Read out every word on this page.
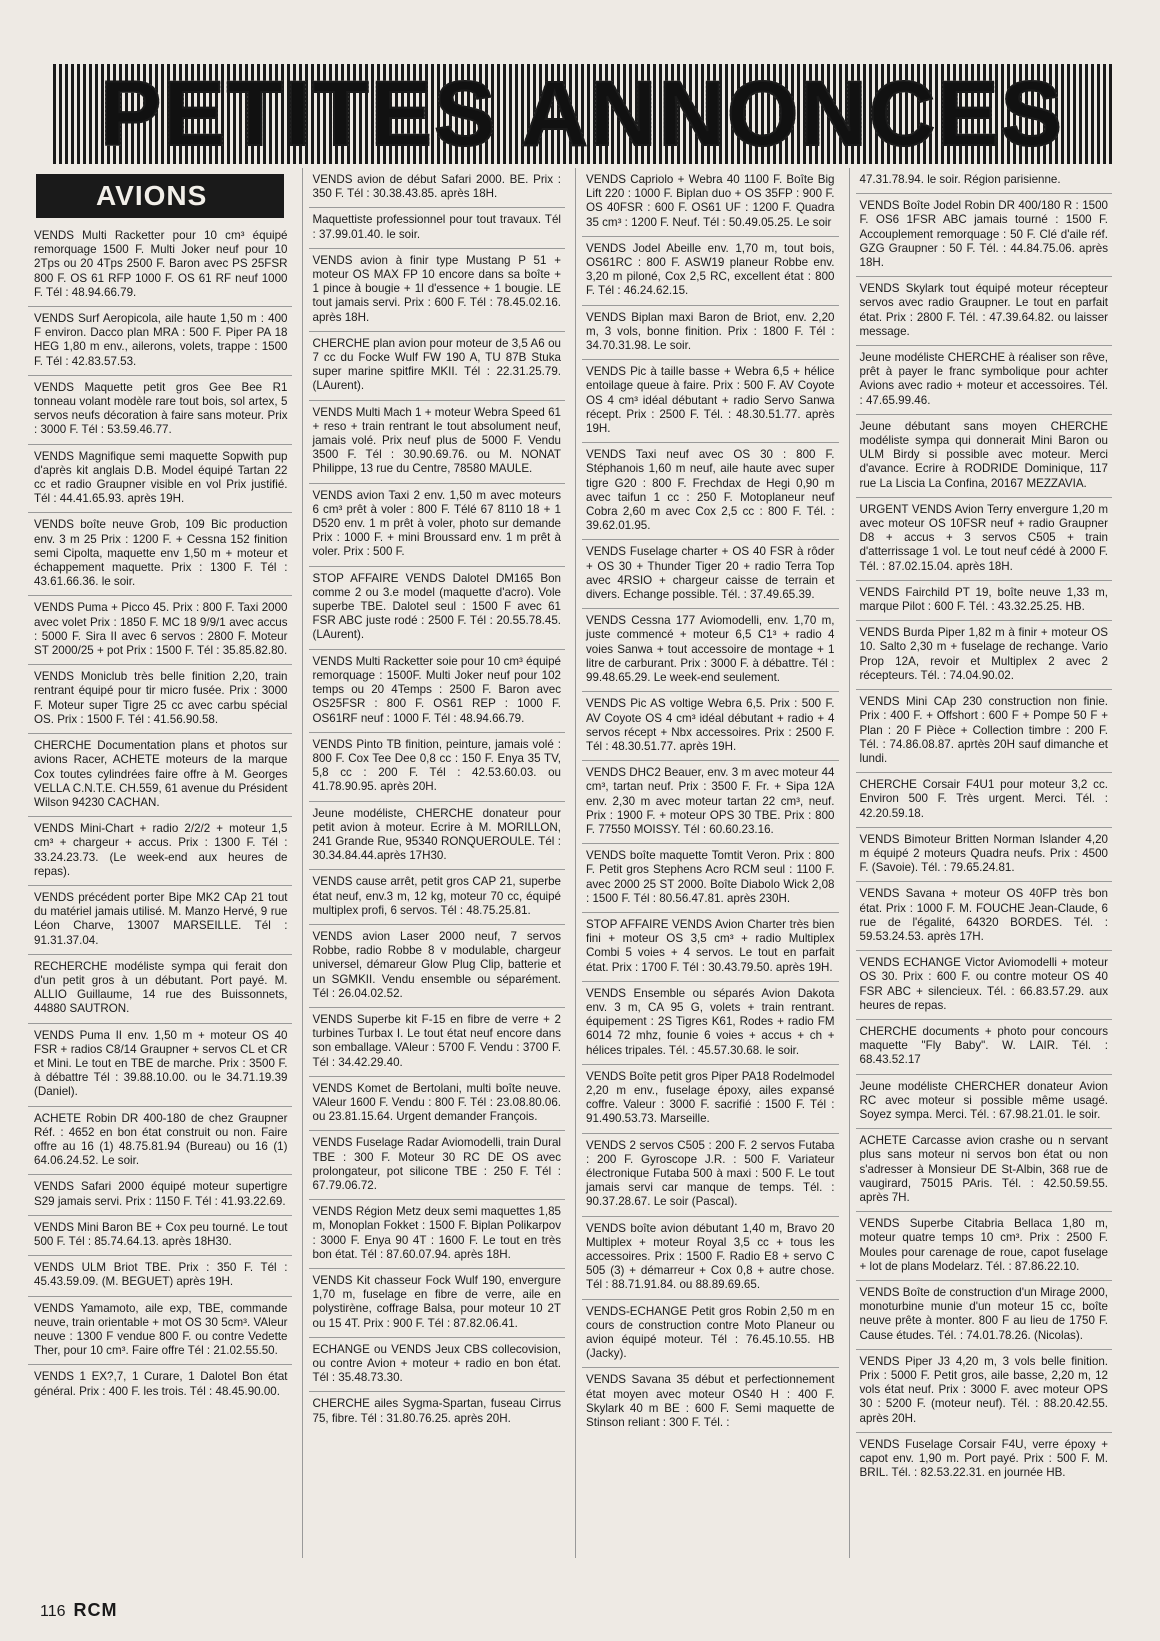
PETITES ANNONCES
AVIONS

VENDS Multi Racketter pour 10 cm³ équipé remorquage 1500 F. Multi Joker neuf pour 10 2Tps ou 20 4Tps 2500 F. Baron avec PS 25FSR 800 F. OS 61 RFP 1000 F. OS 61 RF neuf 1000 F. Tél : 48.94.66.79.

VENDS Surf Aeropicola, aile haute 1,50 m : 400 F environ. Dacco plan MRA : 500 F. Piper PA 18 HEG 1,80 m env., ailerons, volets, trappe : 1500 F. Tél : 42.83.57.53.

VENDS Maquette petit gros Gee Bee R1 tonneau volant modèle rare tout bois, sol artex, 5 servos neufs décoration à faire sans moteur. Prix : 3000 F. Tél : 53.59.46.77.

VENDS Magnifique semi maquette Sopwith pup d'après kit anglais D.B. Model équipé Tartan 22 cc et radio Graupner visible en vol Prix justifié. Tél : 44.41.65.93. après 19H.

VENDS boîte neuve Grob, 109 Bic production env. 3 m 25 Prix : 1200 F. + Cessna 152 finition semi Cipolta, maquette env 1,50 m + moteur et échappement maquette. Prix : 1300 F. Tél : 43.61.66.36. le soir.

VENDS Puma + Picco 45. Prix : 800 F. Taxi 2000 avec volet Prix : 1850 F. MC 18 9/9/1 avec accus : 5000 F. Sira II avec 6 servos : 2800 F. Moteur ST 2000/25 + pot Prix : 1500 F. Tél : 35.85.82.80.

VENDS Moniclub très belle finition 2,20, train rentrant équipé pour tir micro fusée. Prix : 3000 F. Moteur super Tigre 25 cc avec carbu spécial OS. Prix : 1500 F. Tél : 41.56.90.58.

CHERCHE Documentation plans et photos sur avions Racer, ACHETE moteurs de la marque Cox toutes cylindrées faire offre à M. Georges VELLA C.N.T.E. CH.559, 61 avenue du Président Wilson 94230 CACHAN.

VENDS Mini-Chart + radio 2/2/2 + moteur 1,5 cm³ + chargeur + accus. Prix : 1300 F. Tél : 33.24.23.73. (Le week-end aux heures de repas).

VENDS précédent porter Bipe MK2 CAp 21 tout du matériel jamais utilisé. M. Manzo Hervé, 9 rue Léon Charve, 13007 MARSEILLE. Tél : 91.31.37.04.

RECHERCHE modéliste sympa qui ferait don d'un petit gros à un débutant. Port payé. M. ALLIO Guillaume, 14 rue des Buissonnets, 44880 SAUTRON.

VENDS Puma II env. 1,50 m + moteur OS 40 FSR + radios C8/14 Graupner + servos CL et CR et Mini. Le tout en TBE de marche. Prix : 3500 F. à débattre Tél : 39.88.10.00. ou le 34.71.19.39 (Daniel).

ACHETE Robin DR 400-180 de chez Graupner Réf. : 4652 en bon état construit ou non. Faire offre au 16 (1) 48.75.81.94 (Bureau) ou 16 (1) 64.06.24.52. Le soir.

VENDS Safari 2000 équipé moteur supertigre S29 jamais servi. Prix : 1150 F. Tél : 41.93.22.69.

VENDS Mini Baron BE + Cox peu tourné. Le tout 500 F. Tél : 85.74.64.13. après 18H30.

VENDS ULM Briot TBE. Prix : 350 F. Tél : 45.43.59.09. (M. BEGUET) après 19H.

VENDS Yamamoto, aile exp, TBE, commande neuve, train orientable + mot OS 30 5cm³. VAleur neuve : 1300 F vendue 800 F. ou contre Vedette Ther, pour 10 cm³. Faire offre Tél : 21.02.55.50.

VENDS 1 EX?,7, 1 Curare, 1 Dalotel Bon état général. Prix : 400 F. les trois. Tél : 48.45.90.00.

VENDS avion de début Safari 2000. BE. Prix : 350 F. Tél : 30.38.43.85. après 18H.

Maquettiste professionnel pour tout travaux. Tél : 37.99.01.40. le soir.

VENDS avion à finir type Mustang P 51 + moteur OS MAX FP 10 encore dans sa boîte + 1 pince à bougie + 1l d'essence + 1 bougie. LE tout jamais servi. Prix : 600 F. Tél : 78.45.02.16. après 18H.

CHERCHE plan avion pour moteur de 3,5 A6 ou 7 cc du Focke Wulf FW 190 A, TU 87B Stuka super marine spitfire MKII. Tél : 22.31.25.79. (LAurent).

VENDS Multi Mach 1 + moteur Webra Speed 61 + reso + train rentrant le tout absolument neuf, jamais volé. Prix neuf plus de 5000 F. Vendu 3500 F. Tél : 30.90.69.76. ou M. NONAT Philippe, 13 rue du Centre, 78580 MAULE.

VENDS avion Taxi 2 env. 1,50 m avec moteurs 6 cm³ prêt à voler : 800 F. Télé 67 8110 18 + 1 D520 env. 1 m prêt à voler, photo sur demande Prix : 1000 F. + mini Broussard env. 1 m prêt à voler. Prix : 500 F.

STOP AFFAIRE VENDS Dalotel DM165 Bon comme 2 ou 3.e model (maquette d'acro). Vole superbe TBE. Dalotel seul : 1500 F avec 61 FSR ABC juste rodé : 2500 F. Tél : 20.55.78.45. (LAurent).

VENDS Multi Racketter soie pour 10 cm³ équipé remorquage : 1500F. Multi Joker neuf pour 102 temps ou 20 4Temps : 2500 F. Baron avec OS25FSR : 800 F. OS61 REP : 1000 F. OS61RF neuf : 1000 F. Tél : 48.94.66.79.

VENDS Pinto TB finition, peinture, jamais volé : 800 F. Cox Tee Dee 0,8 cc : 150 F. Enya 35 TV, 5,8 cc : 200 F. Tél : 42.53.60.03. ou 41.78.90.95. après 20H.

Jeune modéliste, CHERCHE donateur pour petit avion à moteur. Ecrire à M. MORILLON, 241 Grande Rue, 95340 RONQUEROULE. Tél : 30.34.84.44.après 17H30.

VENDS cause arrêt, petit gros CAP 21, superbe état neuf, env.3 m, 12 kg, moteur 70 cc, équipé multiplex profi, 6 servos. Tél : 48.75.25.81.

VENDS avion Laser 2000 neuf, 7 servos Robbe, radio Robbe 8 v modulable, chargeur universel, démareur Glow Plug Clip, batterie et un SGMKII. Vendu ensemble ou séparément. Tél : 26.04.02.52.

VENDS Superbe kit F-15 en fibre de verre + 2 turbines Turbax I. Le tout état neuf encore dans son emballage. VAleur : 5700 F. Vendu : 3700 F. Tél : 34.42.29.40.

VENDS Komet de Bertolani, multi boîte neuve. VAleur 1600 F. Vendu : 800 F. Tél : 23.08.80.06. ou 23.81.15.64. Urgent demander François.

VENDS Fuselage Radar Aviomodelli, train Dural TBE : 300 F. Moteur 30 RC DE OS avec prolongateur, pot silicone TBE : 250 F. Tél : 67.79.06.72.

VENDS Région Metz deux semi maquettes 1,85 m, Monoplan Fokket : 1500 F. Biplan Polikarpov : 3000 F. Enya 90 4T : 1600 F. Le tout en très bon état. Tél : 87.60.07.94. après 18H.

VENDS Kit chasseur Fock Wulf 190, envergure 1,70 m, fuselage en fibre de verre, aile en polystirène, coffrage Balsa, pour moteur 10 2T ou 15 4T. Prix : 900 F. Tél : 87.82.06.41.

ECHANGE ou VENDS Jeux CBS collecovision, ou contre Avion + moteur + radio en bon état. Tél : 35.48.73.30.

CHERCHE ailes Sygma-Spartan, fuseau Cirrus 75, fibre. Tél : 31.80.76.25. après 20H.

VENDS Capriolo + Webra 40 1100 F. Boîte Big Lift 220 : 1000 F. Biplan duo + OS 35FP : 900 F. OS 40FSR : 600 F. OS61 UF : 1200 F. Quadra 35 cm³ : 1200 F. Neuf. Tél : 50.49.05.25. Le soir

VENDS Jodel Abeille env. 1,70 m, tout bois, OS61RC : 800 F. ASW19 planeur Robbe env. 3,20 m piloné, Cox 2,5 RC, excellent état : 800 F. Tél : 46.24.62.15.

VENDS Biplan maxi Baron de Briot, env. 2,20 m, 3 vols, bonne finition. Prix : 1800 F. Tél : 34.70.31.98. Le soir.

VENDS Pic à taille basse + Webra 6,5 + hélice entoilage queue à faire. Prix : 500 F. AV Coyote OS 4 cm³ idéal débutant + radio Servo Sanwa récept. Prix : 2500 F. Tél. : 48.30.51.77. après 19H.

VENDS Taxi neuf avec OS 30 : 800 F. Stéphanois 1,60 m neuf, aile haute avec super tigre G20 : 800 F. Frechdax de Hegi 0,90 m avec taifun 1 cc : 250 F. Motoplaneur neuf Cobra 2,60 m avec Cox 2,5 cc : 800 F. Tél. : 39.62.01.95.

VENDS Fuselage charter + OS 40 FSR à rôder + OS 30 + Thunder Tiger 20 + radio Terra Top avec 4RSIO + chargeur caisse de terrain et divers. Echange possible. Tél. : 37.49.65.39.

VENDS Cessna 177 Aviomodelli, env. 1,70 m, juste commencé + moteur 6,5 C1³ + radio 4 voies Sanwa + tout accessoire de montage + 1 litre de carburant. Prix : 3000 F. à débattre. Tél : 99.48.65.29. Le week-end seulement.

VENDS Pic AS voltige Webra 6,5. Prix : 500 F. AV Coyote OS 4 cm³ idéal débutant + radio + 4 servos récept + Nbx accessoires. Prix : 2500 F. Tél : 48.30.51.77. après 19H.

VENDS DHC2 Beauer, env. 3 m avec moteur 44 cm³, tartan neuf. Prix : 3500 F. Fr. + Sipa 12A env. 2,30 m avec moteur tartan 22 cm³, neuf. Prix : 1900 F. + moteur OPS 30 TBE. Prix : 800 F. 77550 MOISSY. Tél : 60.60.23.16.

VENDS boîte maquette Tomtit Veron. Prix : 800 F. Petit gros Stephens Acro RCM seul : 1100 F. avec 2000 25 ST 2000. Boîte Diabolo Wick 2,08 : 1500 F. Tél : 80.56.47.81. après 230H.

STOP AFFAIRE VENDS Avion Charter très bien fini + moteur OS 3,5 cm³ + radio Multiplex Combi 5 voies + 4 servos. Le tout en parfait état. Prix : 1700 F. Tél : 30.43.79.50. après 19H.

VENDS Ensemble ou séparés Avion Dakota env. 3 m, CA 95 G, volets + train rentrant. équipement : 2S Tigres K61, Rodes + radio FM 6014 72 mhz, founie 6 voies + accus + ch + hélices tripales. Tél. : 45.57.30.68. le soir.

VENDS Boîte petit gros Piper PA18 Rodelmodel 2,20 m env., fuselage époxy, ailes expansé coffre. Valeur : 3000 F. sacrifié : 1500 F. Tél : 91.490.53.73. Marseille.

VENDS 2 servos C505 : 200 F. 2 servos Futaba : 200 F. Gyroscope J.R. : 500 F. Variateur électronique Futaba 500 à maxi : 500 F. Le tout jamais servi car manque de temps. Tél. : 90.37.28.67. Le soir (Pascal).

VENDS boîte avion débutant 1,40 m, Bravo 20 Multiplex + moteur Royal 3,5 cc + tous les accessoires. Prix : 1500 F. Radio E8 + servo C 505 (3) + démarreur + Cox 0,8 + autre chose. Tél : 88.71.91.84. ou 88.89.69.65.

VENDS-ECHANGE Petit gros Robin 2,50 m en cours de construction contre Moto Planeur ou avion équipé moteur. Tél : 76.45.10.55. HB (Jacky).

VENDS Savana 35 début et perfectionnement état moyen avec moteur OS40 H : 400 F. Skylark 40 m BE : 600 F. Semi maquette de Stinson reliant : 300 F. Tél. :

47.31.78.94. le soir. Région parisienne.

VENDS Boîte Jodel Robin DR 400/180 R : 1500 F. OS6 1FSR ABC jamais tourné : 1500 F. Accouplement remorquage : 50 F. Clé d'aile réf. GZG Graupner : 50 F. Tél. : 44.84.75.06. après 18H.

VENDS Skylark tout équipé moteur récepteur servos avec radio Graupner. Le tout en parfait état. Prix : 2800 F. Tél. : 47.39.64.82. ou laisser message.

Jeune modéliste CHERCHE à réaliser son rêve, prêt à payer le franc symbolique pour achter Avions avec radio + moteur et accessoires. Tél. : 47.65.99.46.

Jeune débutant sans moyen CHERCHE modéliste sympa qui donnerait Mini Baron ou ULM Birdy si possible avec moteur. Merci d'avance. Ecrire à RODRIDE Dominique, 117 rue La Liscia La Confina, 20167 MEZZAVIA.

URGENT VENDS Avion Terry envergure 1,20 m avec moteur OS 10FSR neuf + radio Graupner D8 + accus + 3 servos C505 + train d'atterrissage 1 vol. Le tout neuf cédé à 2000 F. Tél. : 87.02.15.04. après 18H.

VENDS Fairchild PT 19, boîte neuve 1,33 m, marque Pilot : 600 F. Tél. : 43.32.25.25. HB.

VENDS Burda Piper 1,82 m à finir + moteur OS 10. Salto 2,30 m + fuselage de rechange. Vario Prop 12A, revoir et Multiplex 2 avec 2 récepteurs. Tél. : 74.04.90.02.

VENDS Mini CAp 230 construction non finie. Prix : 400 F. + Offshort : 600 F + Pompe 50 F + Plan : 20 F Pièce + Collection timbre : 200 F. Tél. : 74.86.08.87. aprtès 20H sauf dimanche et lundi.

CHERCHE Corsair F4U1 pour moteur 3,2 cc. Environ 500 F. Très urgent. Merci. Tél. : 42.20.59.18.

VENDS Bimoteur Britten Norman Islander 4,20 m équipé 2 moteurs Quadra neufs. Prix : 4500 F. (Savoie). Tél. : 79.65.24.81.

VENDS Savana + moteur OS 40FP très bon état. Prix : 1000 F. M. FOUCHE Jean-Claude, 6 rue de l'égalité, 64320 BORDES. Tél. : 59.53.24.53. après 17H.

VENDS ECHANGE Victor Aviomodelli + moteur OS 30. Prix : 600 F. ou contre moteur OS 40 FSR ABC + silencieux. Tél. : 66.83.57.29. aux heures de repas.

CHERCHE documents + photo pour concours maquette "Fly Baby". W. LAIR. Tél. : 68.43.52.17

Jeune modéliste CHERCHER donateur Avion RC avec moteur si possible même usagé. Soyez sympa. Merci. Tél. : 67.98.21.01. le soir.

ACHETE Carcasse avion crashe ou n servant plus sans moteur ni servos bon état ou non s'adresser à Monsieur DE St-Albin, 368 rue de vaugirard, 75015 PAris. Tél. : 42.50.59.55. après 7H.

VENDS Superbe Citabria Bellaca 1,80 m, moteur quatre temps 10 cm³. Prix : 2500 F. Moules pour carenage de roue, capot fuselage + lot de plans Modelarz. Tél. : 87.86.22.10.

VENDS Boîte de construction d'un Mirage 2000, monoturbine munie d'un moteur 15 cc, boîte neuve prête à monter. 800 F au lieu de 1750 F. Cause études. Tél. : 74.01.78.26. (Nicolas).

VENDS Piper J3 4,20 m, 3 vols belle finition. Prix : 5000 F. Petit gros, aile basse, 2,20 m, 12 vols état neuf. Prix : 3000 F. avec moteur OPS 30 : 5200 F. (moteur neuf). Tél. : 88.20.42.55. après 20H.

VENDS Fuselage Corsair F4U, verre époxy + capot env. 1,90 m. Port payé. Prix : 500 F. M. BRIL. Tél. : 82.53.22.31. en journée HB.

116 RCM
